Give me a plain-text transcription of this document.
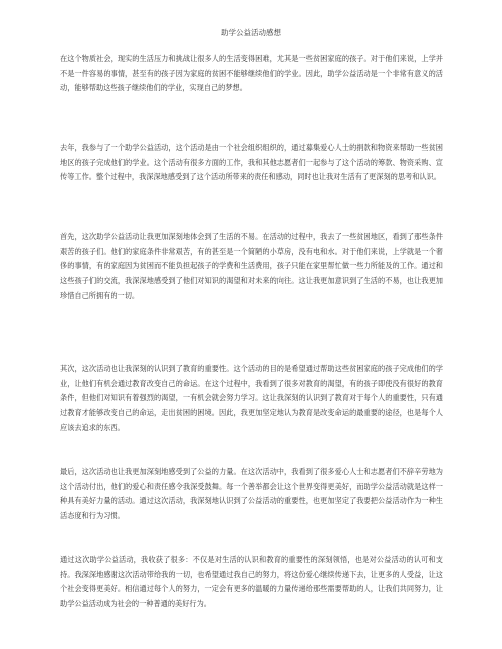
助学公益活动感想

在这个物质社会，现实的生活压力和挑战让很多人的生活变得困难，尤其是一些贫困家庭的孩子。对于他们来说，上学并不是一件容易的事情，甚至有的孩子因为家庭的贫困不能够继续他们的学业。因此，助学公益活动是一个非常有意义的活动，能够帮助这些孩子继续他们的学业，实现自己的梦想。

去年，我参与了一个助学公益活动，这个活动是由一个社会组织组织的，通过募集爱心人士的捐款和物资来帮助一些贫困地区的孩子完成他们的学业。这个活动有很多方面的工作，我和其他志愿者们一起参与了这个活动的筹款、物资采购、宣传等工作。整个过程中，我深深地感受到了这个活动所带来的责任和感动，同时也让我对生活有了更深刻的思考和认识。

首先，这次助学公益活动让我更加深刻地体会到了生活的不易。在活动的过程中，我去了一些贫困地区，看到了那些条件艰苦的孩子们。他们的家庭条件非常艰苦，有的甚至是一个简陋的小草房，没有电和水。对于他们来说，上学就是一个奢侈的事情，有的家庭因为贫困而不能负担起孩子的学费和生活费用，孩子只能在家里帮忙做一些力所能及的工作。通过和这些孩子们的交流，我深深地感受到了他们对知识的渴望和对未来的向往。这让我更加意识到了生活的不易，也让我更加珍惜自己所拥有的一切。

其次，这次活动也让我深刻的认识到了教育的重要性。这个活动的目的是希望通过帮助这些贫困家庭的孩子完成他们的学业，让他们有机会通过教育改变自己的命运。在这个过程中，我看到了很多对教育的渴望，有的孩子即使没有很好的教育条件，但他们对知识有着强烈的渴望，一有机会就会努力学习。这让我深刻的认识到了教育对于每个人的重要性，只有通过教育才能够改变自己的命运，走出贫困的困境。因此，我更加坚定地认为教育是改变命运的最重要的途径，也是每个人应该去追求的东西。

最后，这次活动也让我更加深刻地感受到了公益的力量。在这次活动中，我看到了很多爱心人士和志愿者们不辞辛劳地为这个活动付出，他们的爱心和责任感令我深受鼓舞。每一个善举都会让这个世界变得更美好，而助学公益活动就是这样一种具有美好力量的活动。通过这次活动，我深刻地认识到了公益活动的重要性，也更加坚定了我要把公益活动作为一种生活态度和行为习惯。

通过这次助学公益活动，我收获了很多：不仅是对生活的认识和教育的重要性的深刻领悟，也是对公益活动的认可和支持。我深深地感谢这次活动带给我的一切，也希望通过我自己的努力，将这份爱心继续传递下去，让更多的人受益，让这个社会变得更美好。相信通过每个人的努力，一定会有更多的温暖的力量传递给那些需要帮助的人，让我们共同努力，让助学公益活动成为社会的一种普通的美好行为。
